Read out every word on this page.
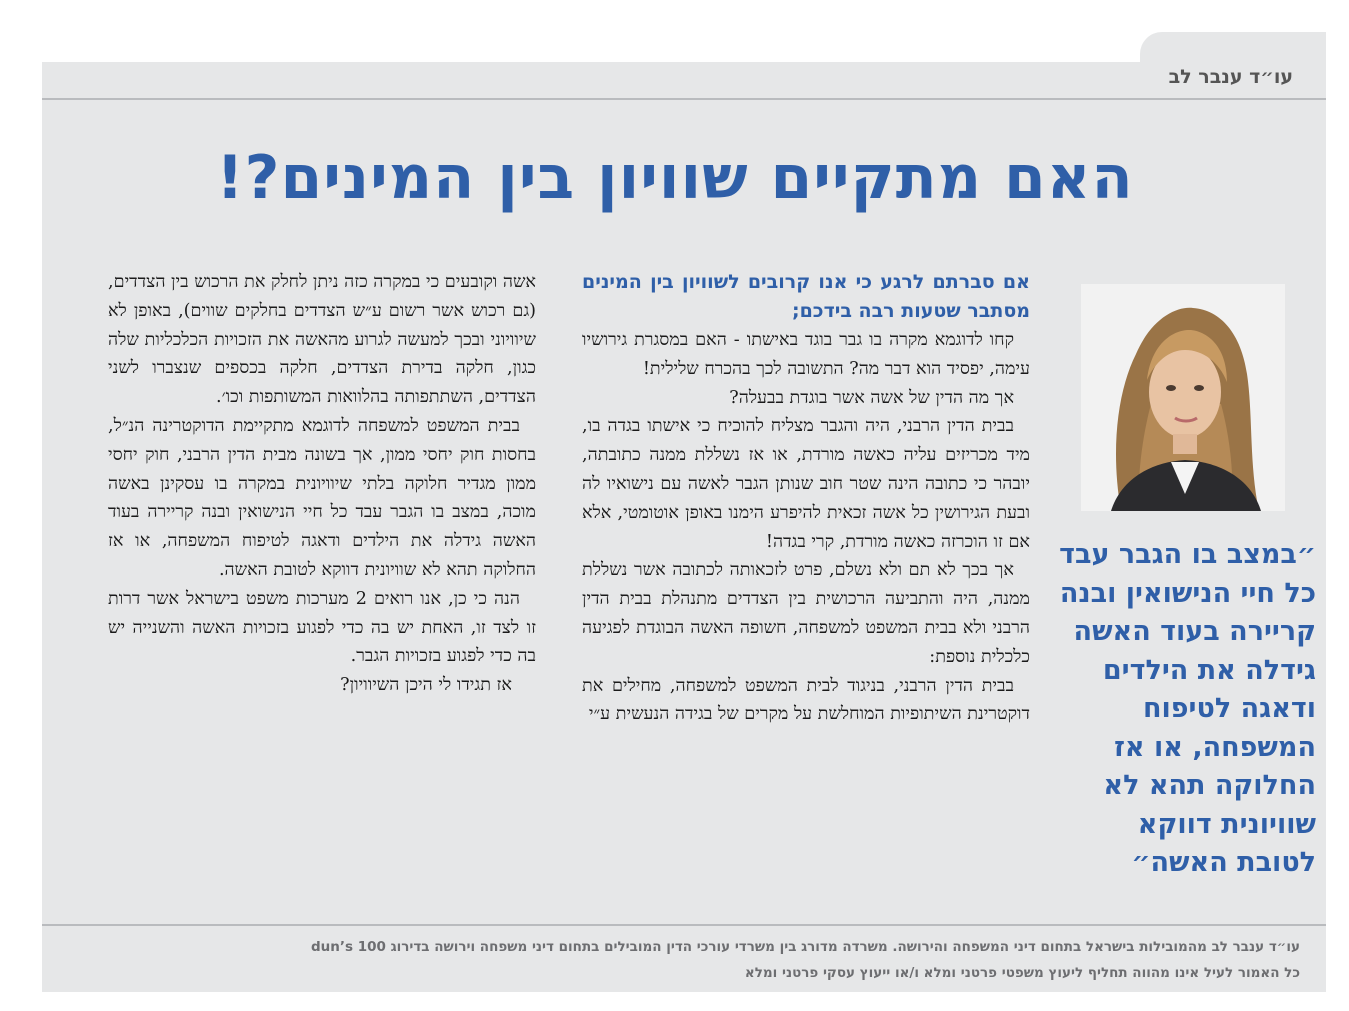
עו״ד ענבר לב
האם מתקיים שוויון בין המינים?!
״במצב בו הגבר עבד כל חיי הנישואין ובנה קריירה בעוד האשה גידלה את הילדים ודאגה לטיפוח המשפחה, או אז החלוקה תהא לא שוויונית דווקא לטובת האשה״

אם סברתם לרגע כי אנו קרובים לשוויון בין המינים מסתבר שטעות רבה בידכם;

קחו לדוגמא מקרה בו גבר בוגד באישתו - האם במסגרת גירושיו עימה, יפסיד הוא דבר מה? התשובה לכך בהכרח שלילית!

אך מה הדין של אשה אשר בוגדת בבעלה?

בבית הדין הרבני, היה והגבר מצליח להוכיח כי אישתו בגדה בו, מיד מכריזים עליה כאשה מורדת, או אז נשללת ממנה כתובתה, יובהר כי כתובה הינה שטר חוב שנותן הגבר לאשה עם נישואיו לה ובעת הגירושין כל אשה זכאית להיפרע הימנו באופן אוטומטי, אלא אם זו הוכרזה כאשה מורדת, קרי בגדה!

אך בכך לא תם ולא נשלם, פרט לזכאותה לכתובה אשר נשללת ממנה, היה והתביעה הרכושית בין הצדדים מתנהלת בבית הדין הרבני ולא בבית המשפט למשפחה, חשופה האשה הבוגדת לפגיעה כלכלית נוספת:

בבית הדין הרבני, בניגוד לבית המשפט למשפחה, מחילים את דוקטרינת השיתופיות המוחלשת על מקרים של בגידה הנעשית ע״י

אשה וקובעים כי במקרה כזה ניתן לחלק את הרכוש בין הצדדים, (גם רכוש אשר רשום ע״ש הצדדים בחלקים שווים), באופן לא שיוויוני ובכך למעשה לגרוע מהאשה את הזכויות הכלכליות שלה כגון, חלקה בדירת הצדדים, חלקה בכספים שנצברו לשני הצדדים, השתתפותה בהלוואות המשותפות וכו׳.

בבית המשפט למשפחה לדוגמא מתקיימת הדוקטרינה הנ״ל, בחסות חוק יחסי ממון, אך בשונה מבית הדין הרבני, חוק יחסי ממון מגדיר חלוקה בלתי שיוויונית במקרה בו עסקינן באשה מוכה, במצב בו הגבר עבד כל חיי הנישואין ובנה קריירה בעוד האשה גידלה את הילדים ודאגה לטיפוח המשפחה, או אז החלוקה תהא לא שוויונית דווקא לטובת האשה.

הנה כי כן, אנו רואים 2 מערכות משפט בישראל אשר דרות זו לצד זו, האחת יש בה כדי לפגוע בזכויות האשה והשנייה יש בה כדי לפגוע בזכויות הגבר.

אז תגידו לי היכן השיוויון?

עו״ד ענבר לב מהמובילות בישראל בתחום דיני המשפחה והירושה. משרדה מדורג בין משרדי עורכי הדין המובילים בתחום דיני משפחה וירושה בדירוג dun’s 100
כל האמור לעיל אינו מהווה תחליף ליעוץ משפטי פרטני ומלא ו/או ייעוץ עסקי פרטני ומלא
